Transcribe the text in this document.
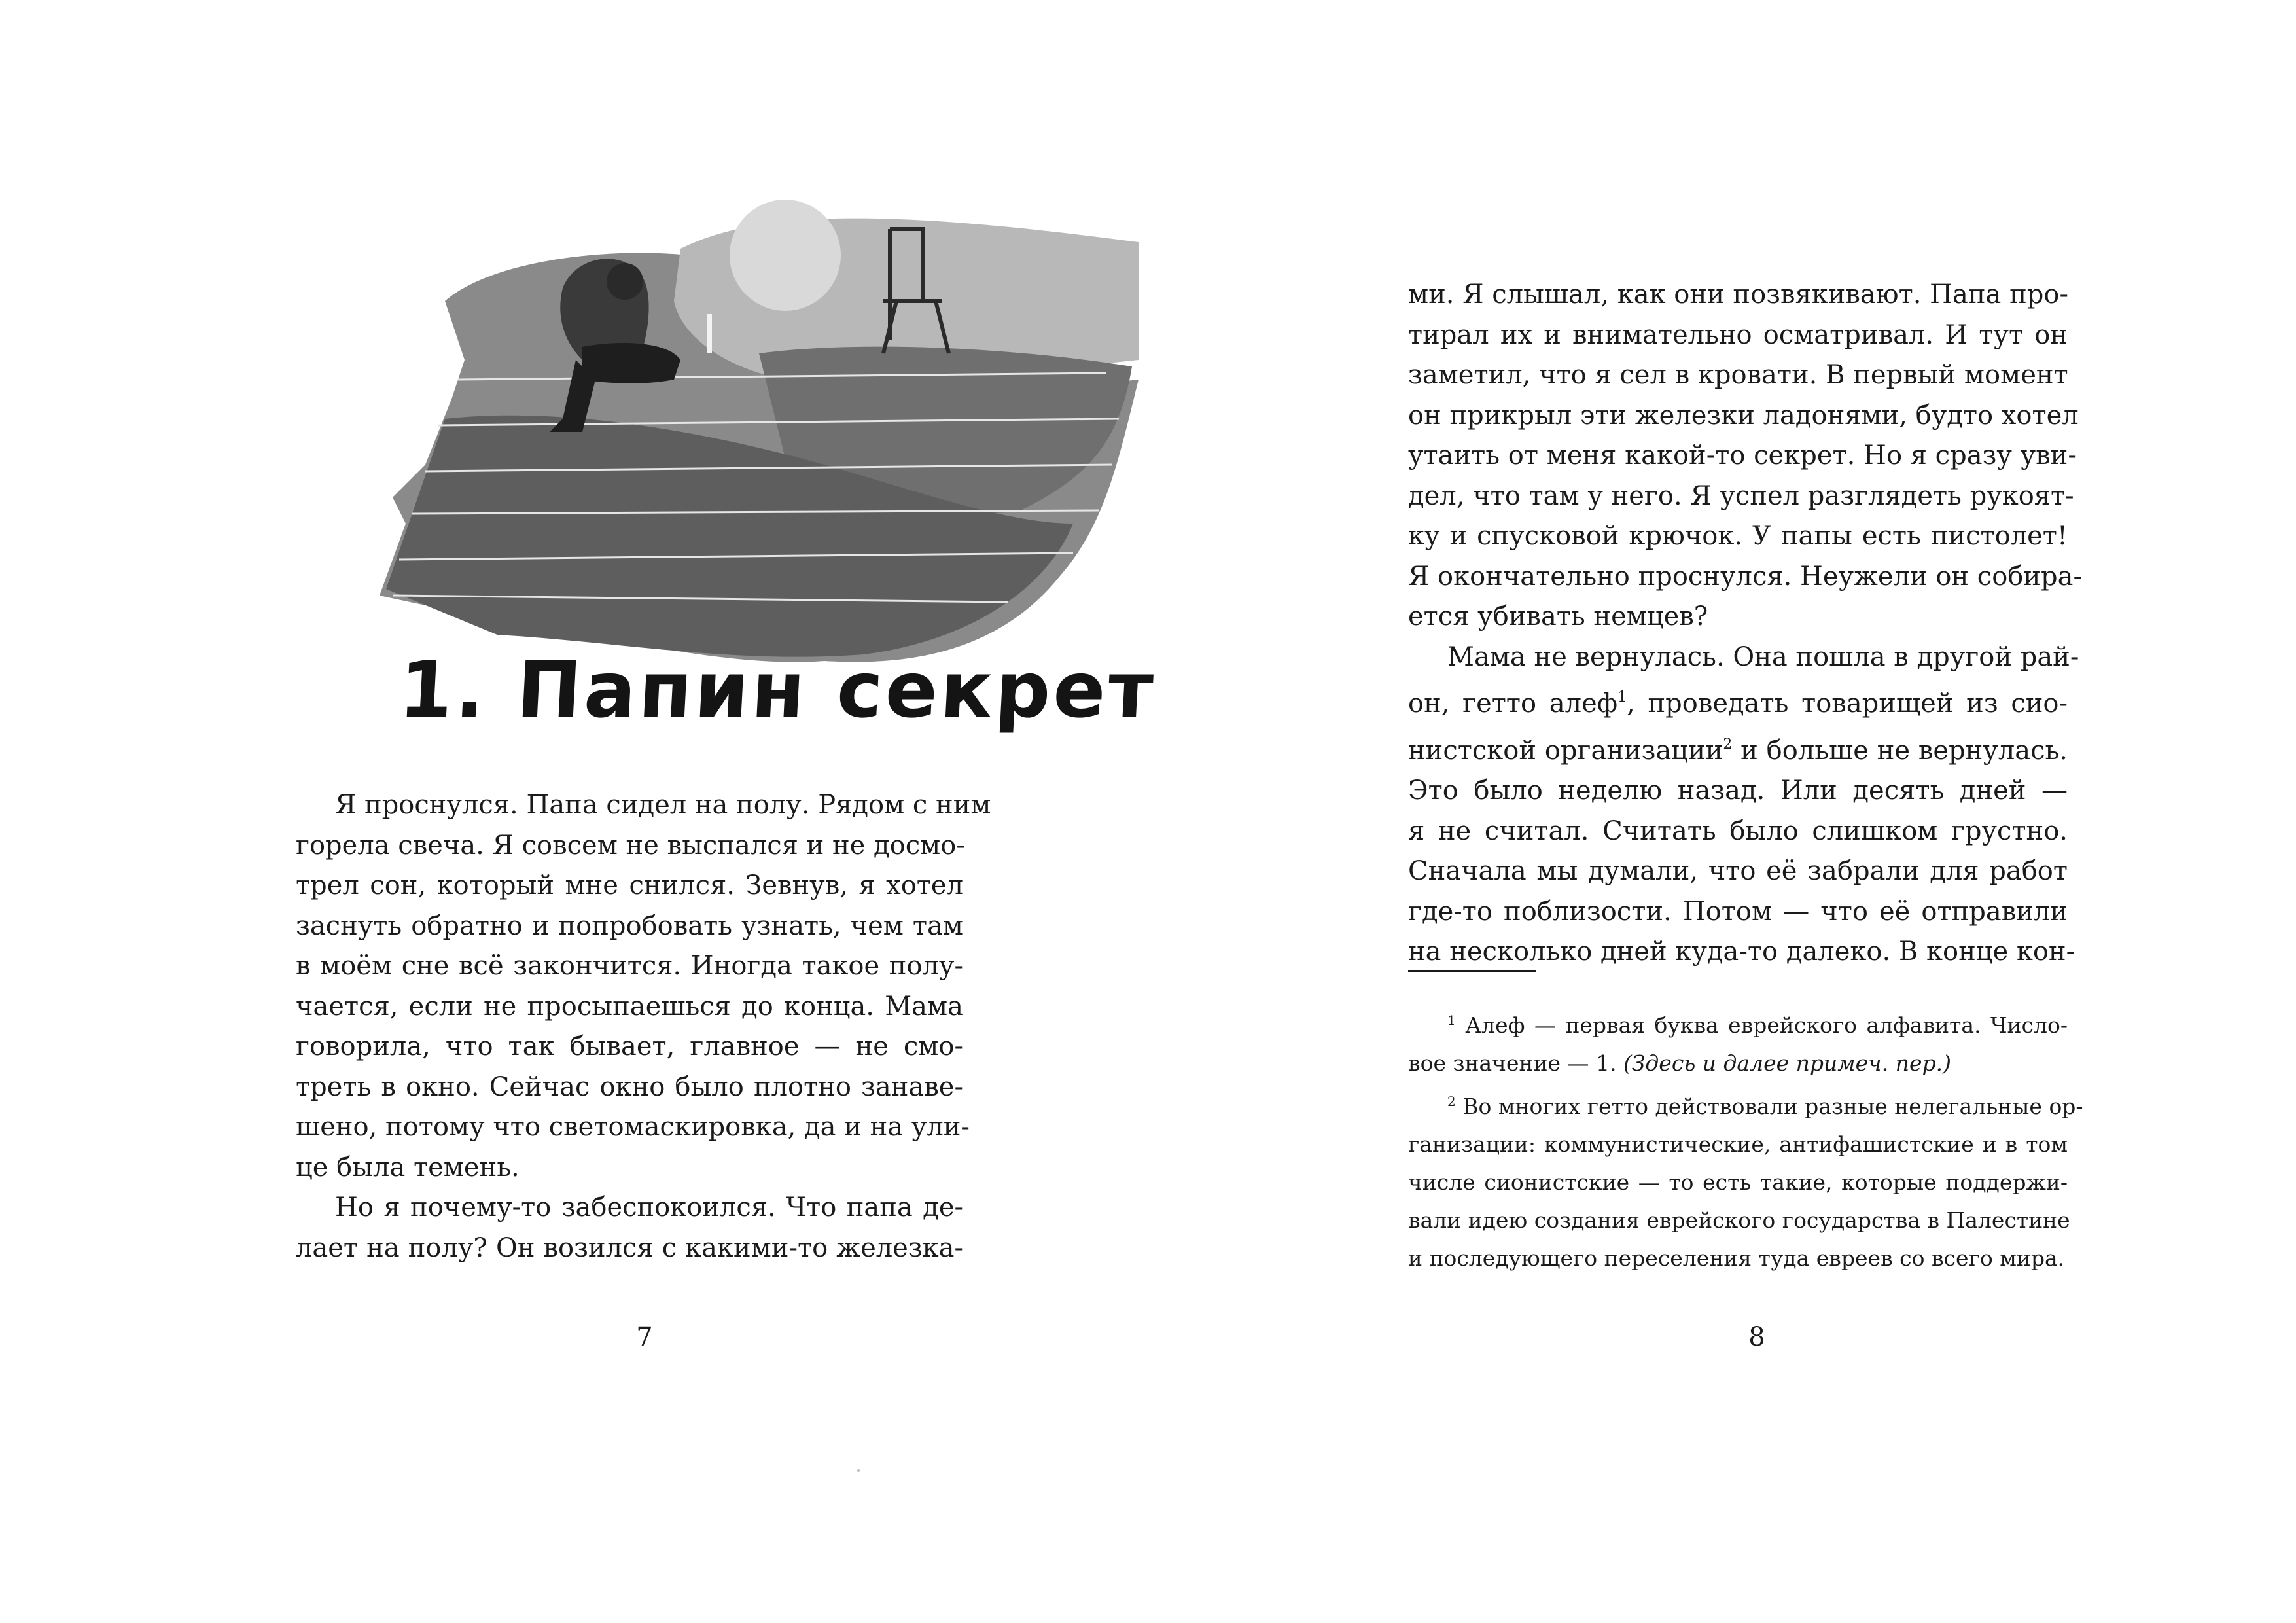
1. Папин секрет
Я проснулся. Папа сидел на полу. Рядом с ним
горела свеча. Я совсем не выспался и не досмо-
трел сон, который мне снился. Зевнув, я хотел
заснуть обратно и попробовать узнать, чем там
в моём сне всё закончится. Иногда такое полу-
чается, если не просыпаешься до конца. Мама
говорила, что так бывает, главное — не смо-
треть в окно. Сейчас окно было плотно занаве-
шено, потому что светомаскировка, да и на ули-
це была темень.
Но я почему-то забеспокоился. Что папа де-
лает на полу? Он возился с какими-то железка-
7
ми. Я слышал, как они позвякивают. Папа про-
тирал их и внимательно осматривал. И тут он
заметил, что я сел в кровати. В первый момент
он прикрыл эти железки ладонями, будто хотел
утаить от меня какой-то секрет. Но я сразу уви-
дел, что там у него. Я успел разглядеть рукоят-
ку и спусковой крючок. У папы есть пистолет!
Я окончательно проснулся. Неужели он собира-
ется убивать немцев?
Мама не вернулась. Она пошла в другой рай-
он, гетто алеф$^1$, проведать товарищей из сио-
нистской организации$^2$ и больше не вернулась.
Это было неделю назад. Или десять дней —
я не считал. Считать было слишком грустно.
Сначала мы думали, что её забрали для работ
где-то поблизости. Потом — что её отправили
на несколько дней куда-то далеко. В конце кон-
$^1$ Алеф — первая буква еврейского алфавита. Число-
вое значение — 1. (Здесь и далее примеч. пер.)
$^2$ Во многих гетто действовали разные нелегальные ор-
ганизации: коммунистические, антифашистские и в том
числе сионистские — то есть такие, которые поддержи-
вали идею создания еврейского государства в Палестине
и последующего переселения туда евреев со всего мира.
8
